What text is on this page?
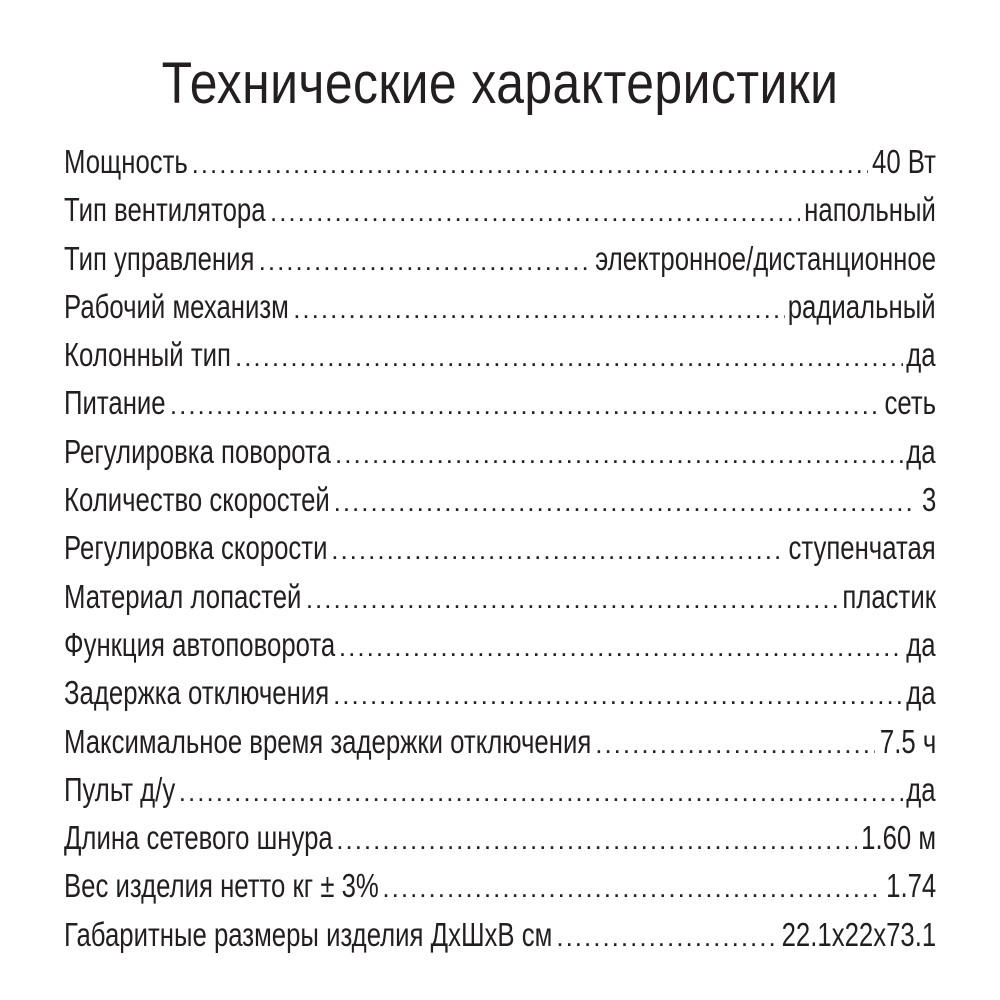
Технические характеристики
Мощность .....	40 Вт
Тип вентилятора .....	напольный
Тип управления .....	электронное/дистанционное
Рабочий механизм .....	радиальный
Колонный тип .....	да
Питание .....	сеть
Регулировка поворота .....	да
Количество скоростей .....	3
Регулировка скорости .....	ступенчатая
Материал лопастей .....	пластик
Функция автоповорота .....	да
Задержка отключения .....	да
Максимальное время задержки отключения .....	7.5 ч
Пульт д/у .....	да
Длина сетевого шнура .....	1.60 м
Вес изделия нетто кг ± 3% .....	1.74
Габаритные размеры изделия ДхШхВ см .....	22.1x22x73.1
